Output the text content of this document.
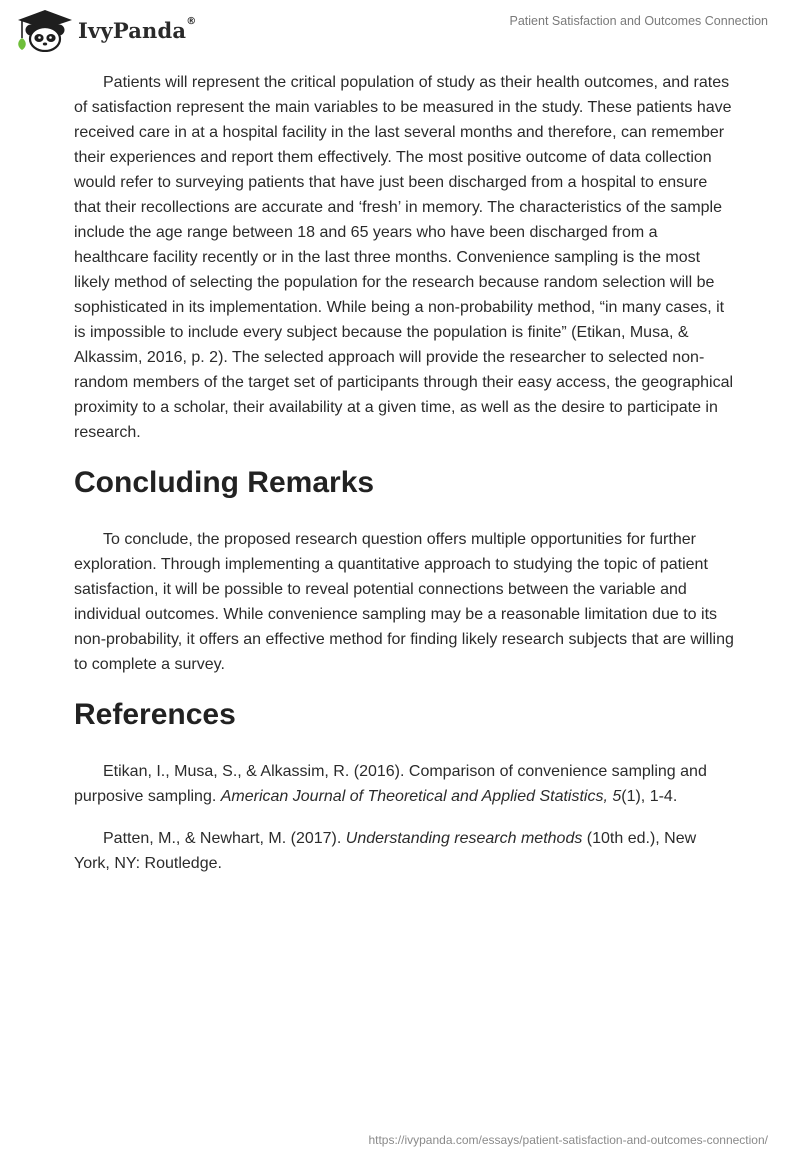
IvyPanda®	Patient Satisfaction and Outcomes Connection

Patients will represent the critical population of study as their health outcomes, and rates of satisfaction represent the main variables to be measured in the study. These patients have received care in at a hospital facility in the last several months and therefore, can remember their experiences and report them effectively. The most positive outcome of data collection would refer to surveying patients that have just been discharged from a hospital to ensure that their recollections are accurate and ‘fresh’ in memory. The characteristics of the sample include the age range between 18 and 65 years who have been discharged from a healthcare facility recently or in the last three months. Convenience sampling is the most likely method of selecting the population for the research because random selection will be sophisticated in its implementation. While being a non-probability method, “in many cases, it is impossible to include every subject because the population is finite” (Etikan, Musa, & Alkassim, 2016, p. 2). The selected approach will provide the researcher to selected non-random members of the target set of participants through their easy access, the geographical proximity to a scholar, their availability at a given time, as well as the desire to participate in research.

Concluding Remarks

To conclude, the proposed research question offers multiple opportunities for further exploration. Through implementing a quantitative approach to studying the topic of patient satisfaction, it will be possible to reveal potential connections between the variable and individual outcomes. While convenience sampling may be a reasonable limitation due to its non-probability, it offers an effective method for finding likely research subjects that are willing to complete a survey.

References

Etikan, I., Musa, S., & Alkassim, R. (2016). Comparison of convenience sampling and purposive sampling. American Journal of Theoretical and Applied Statistics, 5(1), 1-4.

Patten, M., & Newhart, M. (2017). Understanding research methods (10th ed.), New York, NY: Routledge.

https://ivypanda.com/essays/patient-satisfaction-and-outcomes-connection/
